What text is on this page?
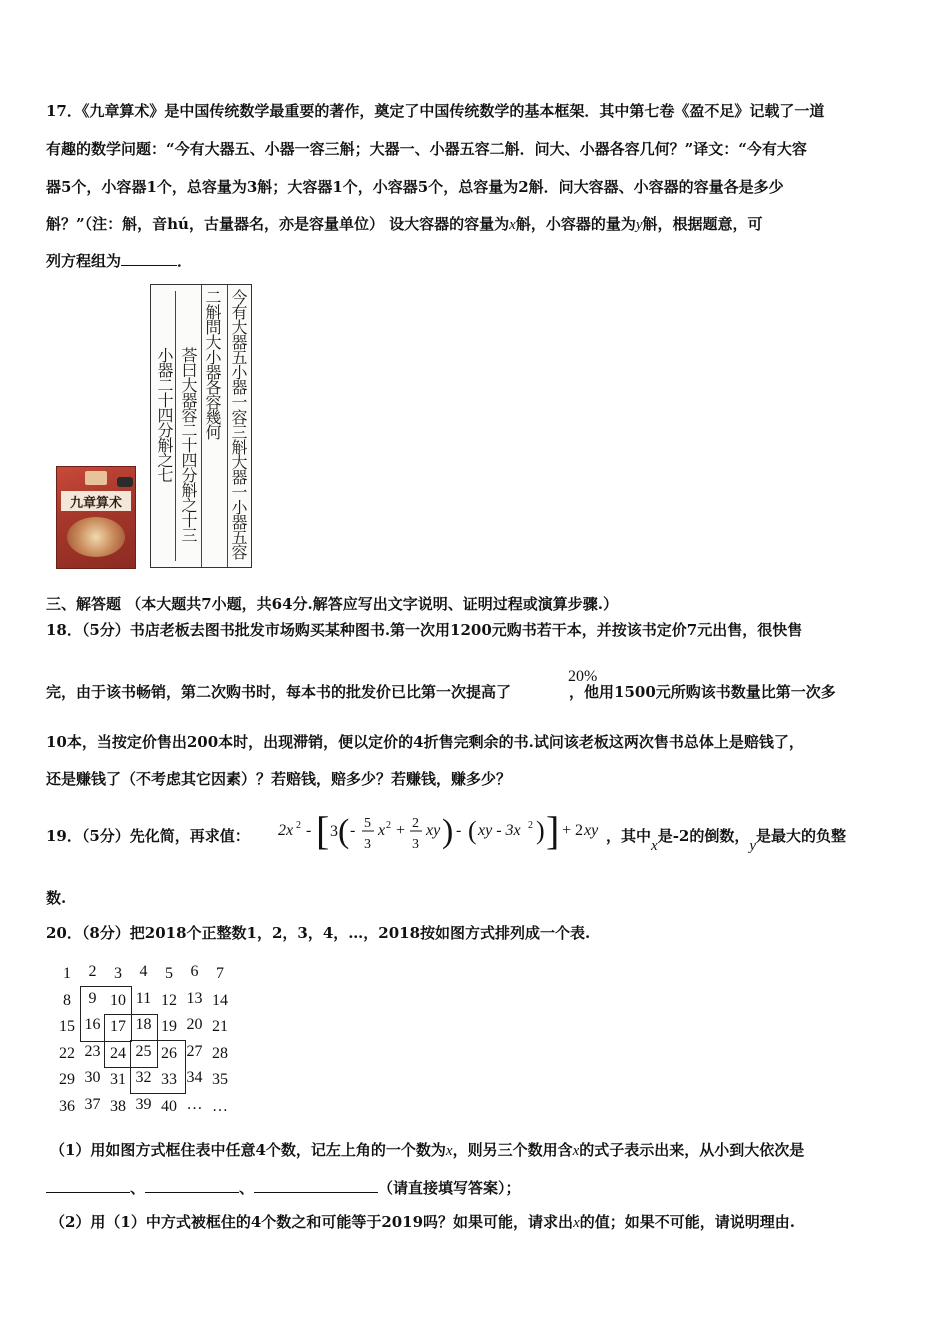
17．《九章算术》是中国传统数学最重要的著作，奠定了中国传统数学的基本框架．其中第七卷《盈不足》记载了一道
有趣的数学问题：“今有大器五、小器一容三斛；大器一、小器五容二斛．问大、小器各容几何？”译文：“今有大容
器5个，小容器1个，总容量为3斛；大容器1个，小容器5个，总容量为2斛．问大容器、小容器的容量各是多少
斛？”（注：斛，音hú，古量器名，亦是容量单位） 设大容器的容量为x斛，小容器的量为y斛，根据题意，可
列方程组为	．
九章算术	今有大器五小器一容三斛大器一小器五容
二斛問大小器各容幾何
荅曰大器容二十四分斛之十三
小器二十四分斛之七
三、解答题 （本大题共7小题，共64分.解答应写出文字说明、证明过程或演算步骤.）
18．（5分）书店老板去图书批发市场购买某种图书.第一次用1200元购书若干本，并按该书定价7元出售，很快售
20%
完，由于该书畅销，第二次购书时，每本书的批发价已比第一次提高了	，他用1500元所购该书数量比第一次多
10本，当按定价售出200本时，出现滞销，便以定价的4折售完剩余的书.试问该老板这两次售书总体上是赔钱了，
还是赚钱了（不考虑其它因素）？若赔钱，赔多少？若赚钱，赚多少？
19．（5分）先化简，再求值：	2x 2 - [ 3 ( - 5
3
x 2 + 2
3
xy ) - ( xy - 3x 2 ) ] + 2 xy ，其中x是-2的倒数，y是最大的负整
数.
20．（8分）把2018个正整数1，2，3，4，…，2018按如图方式排列成一个表.
1	2	3	4	5	6	7
8	9 10 11 12 13 14
15 16 17 18 19 20 21
22 23 24 25 26 27 28
29 30 31 32 33 34 35
36 37 38 39 40 … …
（1）用如图方式框住表中任意4个数，记左上角的一个数为x，则另三个数用含x的式子表示出来，从小到大依次是
、	、	（请直接填写答案）；
（2）用（1）中方式被框住的4个数之和可能等于2019吗？如果可能，请求出x的值；如果不可能，请说明理由.
